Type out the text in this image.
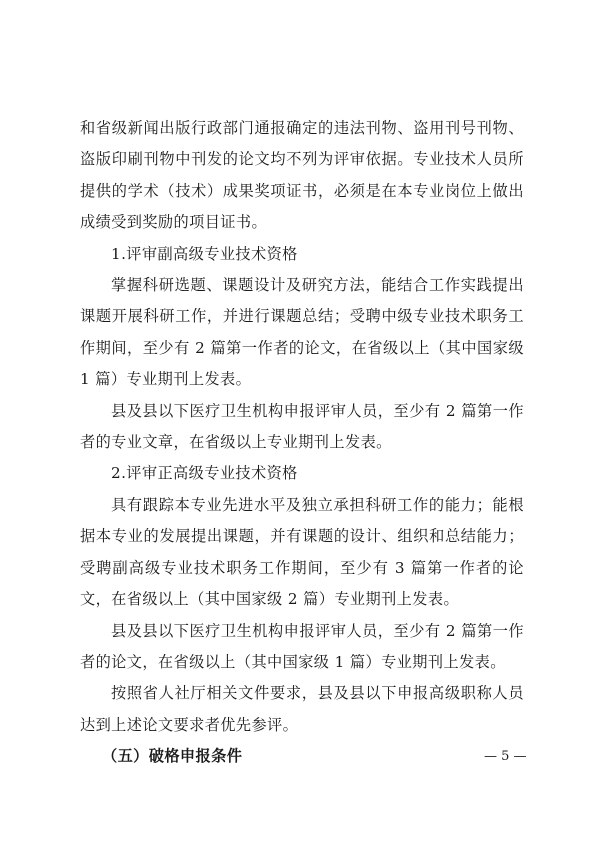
和省级新闻出版行政部门通报确定的违法刊物、盗用刊号刊物、盗版印刷刊物中刊发的论文均不列为评审依据。专业技术人员所提供的学术（技术）成果奖项证书，必须是在本专业岗位上做出成绩受到奖励的项目证书。

1.评审副高级专业技术资格

掌握科研选题、课题设计及研究方法，能结合工作实践提出课题开展科研工作，并进行课题总结；受聘中级专业技术职务工作期间，至少有 2 篇第一作者的论文，在省级以上（其中国家级 1 篇）专业期刊上发表。

县及县以下医疗卫生机构申报评审人员，至少有 2 篇第一作者的专业文章，在省级以上专业期刊上发表。

2.评审正高级专业技术资格

具有跟踪本专业先进水平及独立承担科研工作的能力；能根据本专业的发展提出课题，并有课题的设计、组织和总结能力；受聘副高级专业技术职务工作期间，至少有 3 篇第一作者的论文，在省级以上（其中国家级 2 篇）专业期刊上发表。

县及县以下医疗卫生机构申报评审人员，至少有 2 篇第一作者的论文，在省级以上（其中国家级 1 篇）专业期刊上发表。

按照省人社厅相关文件要求，县及县以下申报高级职称人员达到上述论文要求者优先参评。

（五）破格申报条件	— 5 —
